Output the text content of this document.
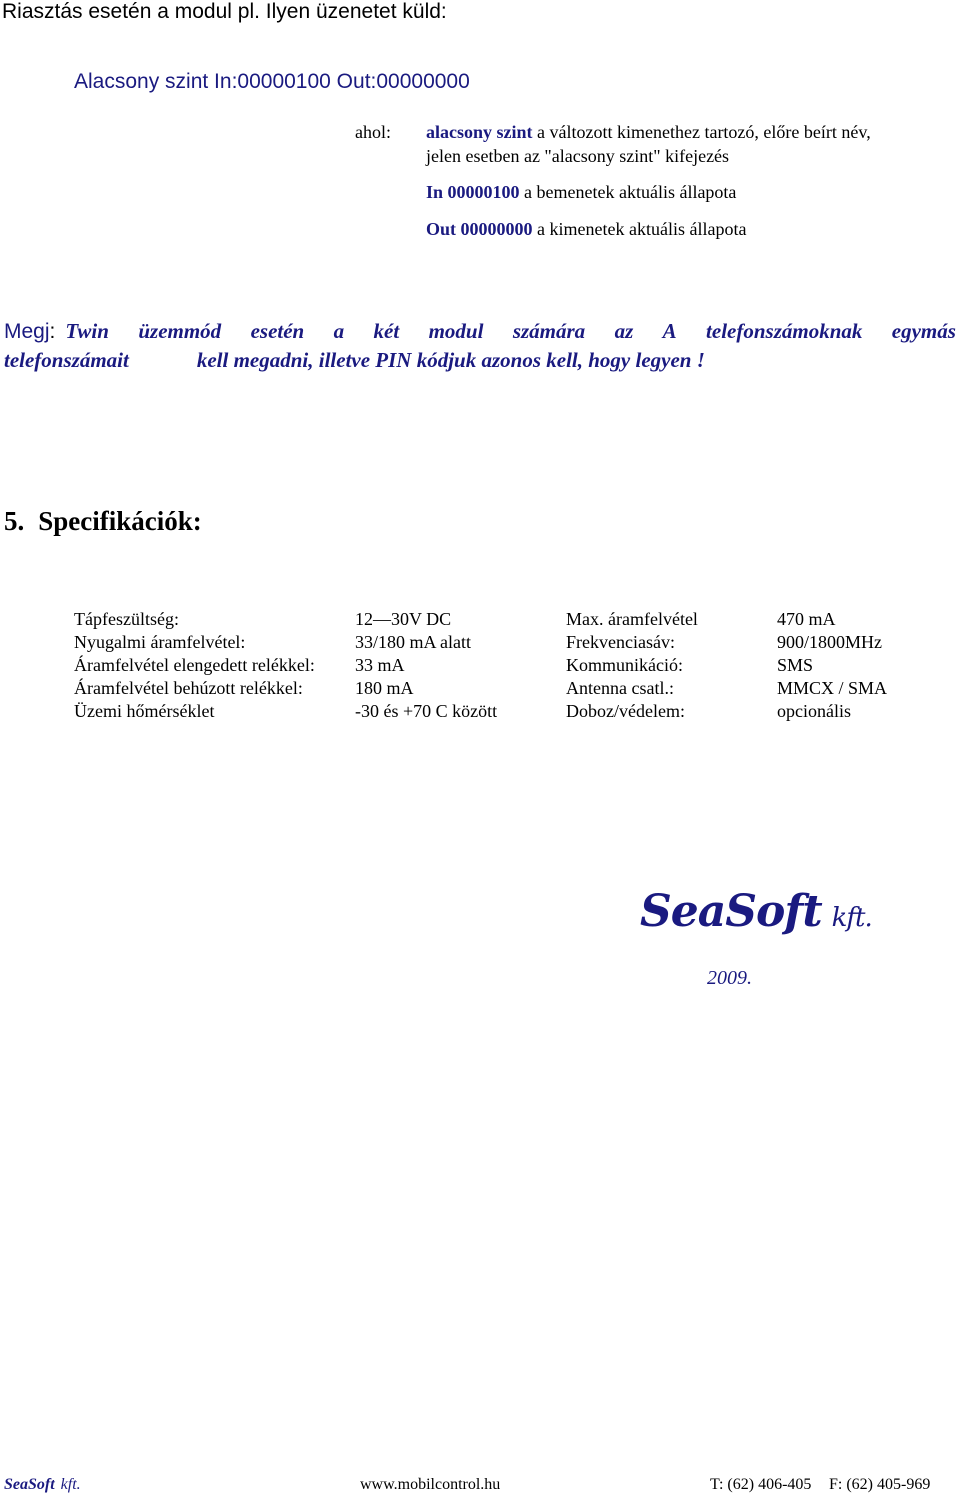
Riasztás esetén a modul pl. Ilyen üzenetet küld:
Alacsony szint In:00000100 Out:00000000
ahol: alacsony szint a változott kimenethez tartozó, előre beírt név,
jelen esetben az "alacsony szint" kifejezés
In 00000100 a bemenetek aktuális állapota
Out 00000000 a kimenetek aktuális állapota
Megj: Twin üzemmód esetén a két modul számára az A telefonszámoknak egymás
telefonszámait	kell megadni, illetve PIN kódjuk azonos kell, hogy legyen !
5. Specifikációk:
Tápfeszültség:	12—30V DC	Max. áramfelvétel	470 mA
Nyugalmi áramfelvétel:	33/180 mA alatt	Frekvenciasáv:	900/1800MHz
Áramfelvétel elengedett relékkel: 33 mA	Kommunikáció:	SMS
Áramfelvétel behúzott relékkel:	180 mA	Antenna csatl.:	MMCX / SMA
Üzemi hőmérséklet	-30 és +70 C között	Doboz/védelem:	opcionális
SeaSoft kft.
2009.
SeaSoft kft.	www.mobilcontrol.hu	T: (62) 406-405 F: (62) 405-969
